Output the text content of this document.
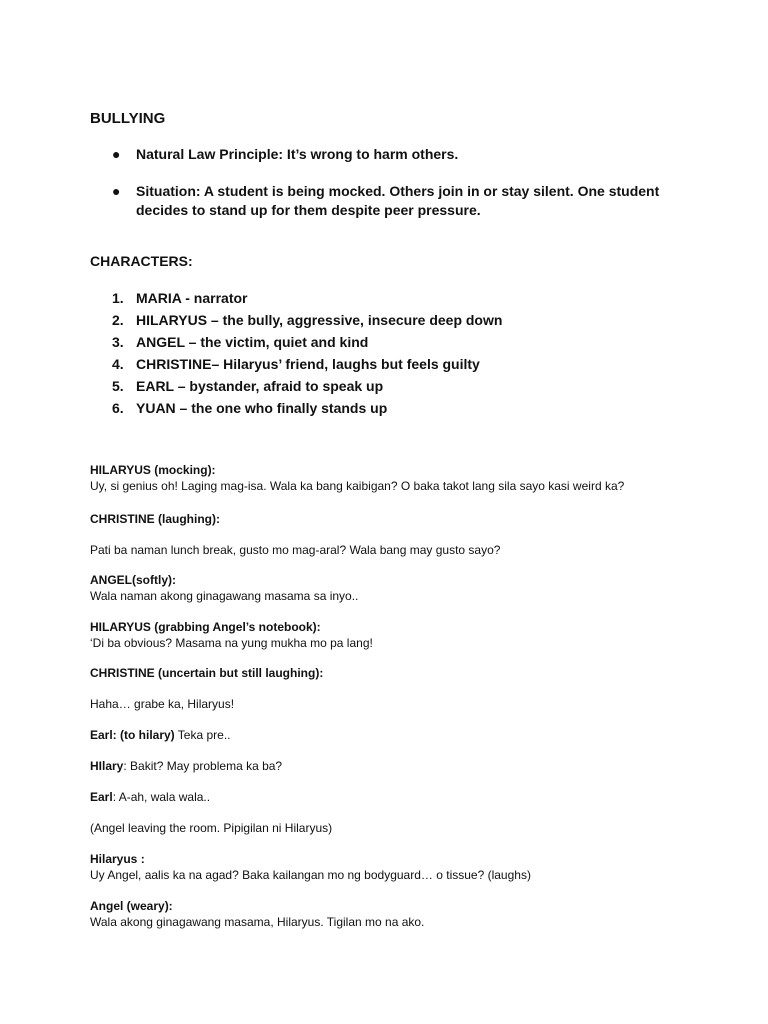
BULLYING
● Natural Law Principle: It’s wrong to harm others.
● Situation: A student is being mocked. Others join in or stay silent. One student decides to stand up for them despite peer pressure.
CHARACTERS:
1. MARIA - narrator
2. HILARYUS – the bully, aggressive, insecure deep down
3. ANGEL – the victim, quiet and kind
4. CHRISTINE– Hilaryus’ friend, laughs but feels guilty
5. EARL – bystander, afraid to speak up
6. YUAN – the one who finally stands up

HILARYUS (mocking):

Uy, si genius oh! Laging mag-isa. Wala ka bang kaibigan? O baka takot lang sila sayo kasi weird ka?

CHRISTINE (laughing):

Pati ba naman lunch break, gusto mo mag-aral? Wala bang may gusto sayo?

ANGEL(softly):

Wala naman akong ginagawang masama sa inyo..

HILARYUS (grabbing Angel’s notebook):

‘Di ba obvious? Masama na yung mukha mo pa lang!

CHRISTINE (uncertain but still laughing):

Haha… grabe ka, Hilaryus!

Earl: (to hilary) Teka pre..

HIlary: Bakit? May problema ka ba?

Earl: A-ah, wala wala..

(Angel leaving the room. Pipigilan ni Hilaryus)

Hilaryus :

Uy Angel, aalis ka na agad? Baka kailangan mo ng bodyguard… o tissue? (laughs)

Angel (weary):

Wala akong ginagawang masama, Hilaryus. Tigilan mo na ako.
